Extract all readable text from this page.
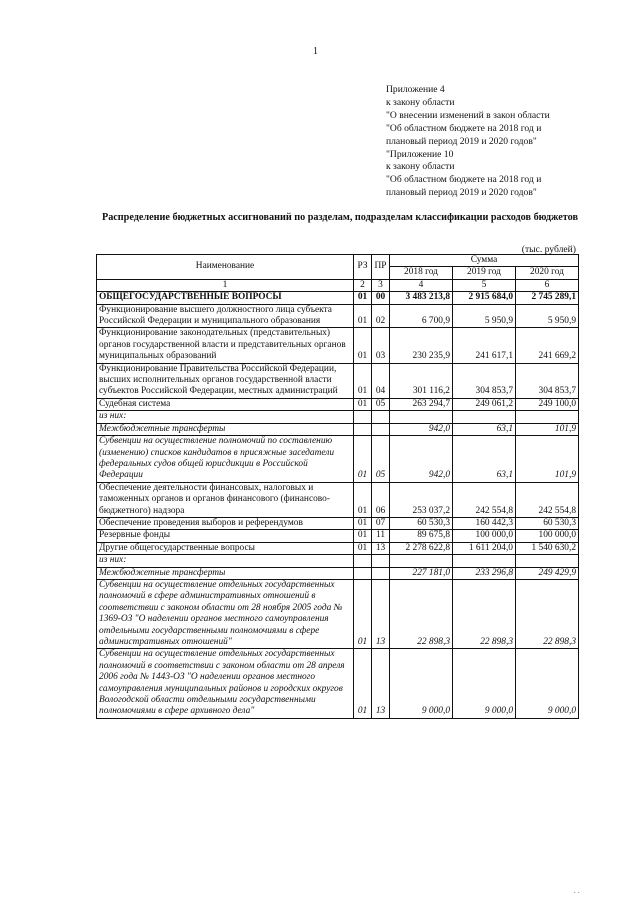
1
Приложение 4
к закону области
"О внесении изменений в закон области
"Об областном бюджете на 2018 год и
плановый период 2019 и 2020 годов"
"Приложение 10
к закону области
"Об областном бюджете на 2018 год и
плановый период 2019 и 2020 годов"
Распределение бюджетных ассигнований по разделам, подразделам классификации расходов бюджетов
(тыс. рублей)
Наименование	РЗ	ПР	Сумма		
			2018 год	2019 год	2020 год
1	2	3	4	5	6
ОБЩЕГОСУДАРСТВЕННЫЕ ВОПРОСЫ	01	00	3 483 213,8	2 915 684,0	2 745 289,1
Функционирование высшего должностного лица субъекта Российской Федерации и муниципального образования	01	02	6 700,9	5 950,9	5 950,9
Функционирование законодательных (представительных) органов государственной власти и представительных органов муниципальных образований	01	03	230 235,9	241 617,1	241 669,2
Функционирование Правительства Российской Федерации, высших исполнительных органов государственной власти субъектов Российской Федерации, местных администраций	01	04	301 116,2	304 853,7	304 853,7
Судебная система	01	05	263 294,7	249 061,2	249 100,0
из них:					
Межбюджетные трансферты			942,0	63,1	101,9
Субвенции на осуществление полномочий по составлению (изменению) списков кандидатов в присяжные заседатели федеральных судов общей юрисдикции в Российской Федерации	01	05	942,0	63,1	101,9
Обеспечение деятельности финансовых, налоговых и таможенных органов и органов финансового (финансово-бюджетного) надзора	01	06	253 037,2	242 554,8	242 554,8
Обеспечение проведения выборов и референдумов	01	07	60 530,3	160 442,3	60 530,3
Резервные фонды	01	11	89 675,8	100 000,0	100 000,0
Другие общегосударственные вопросы	01	13	2 278 622,8	1 611 204,0	1 540 630,2
из них:					
Межбюджетные трансферты			227 181,0	233 296,8	249 429,9
Субвенции на осуществление отдельных государственных полномочий в сфере административных отношений в соответствии с законом области от 28 ноября 2005 года № 1369-ОЗ "О наделении органов местного самоуправления отдельными государственными полномочиями в сфере административных отношений"	01	13	22 898,3	22 898,3	22 898,3
Субвенции на осуществление отдельных государственных полномочий в соответствии с законом области от 28 апреля 2006 года № 1443-ОЗ "О наделении органов местного самоуправления муниципальных районов и городских округов Вологодской области отдельными государственными полномочиями в сфере архивного дела"	01	13	9 000,0	9 000,0	9 000,0
· ·
